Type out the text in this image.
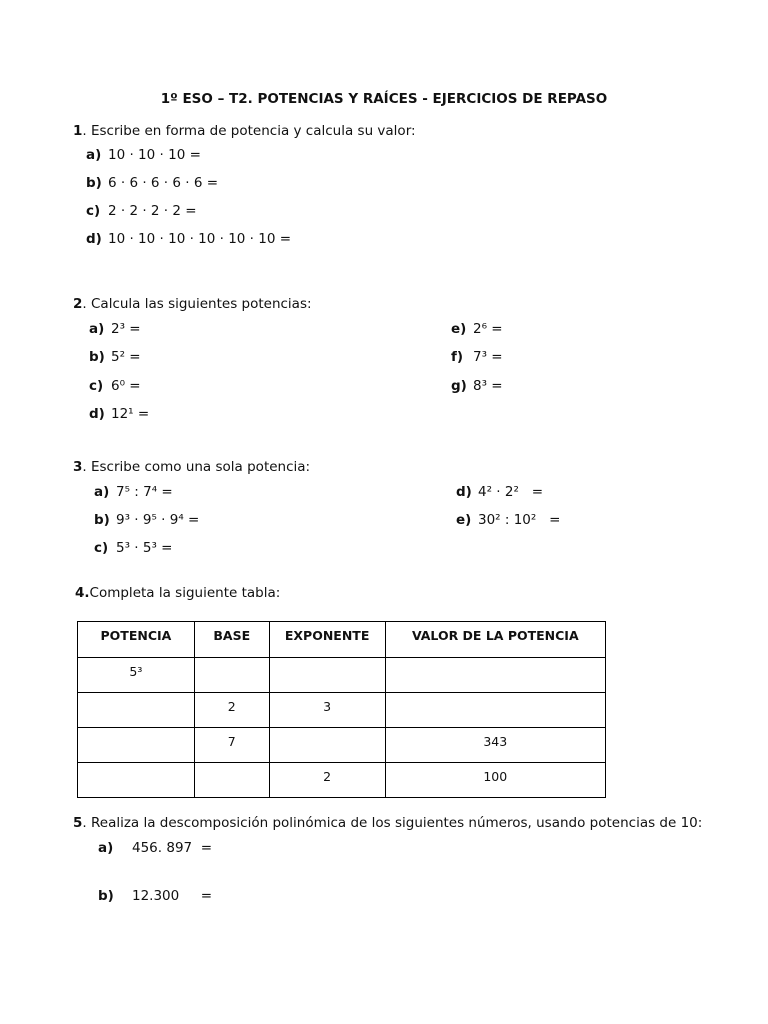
1º ESO – T2. POTENCIAS Y RAÍCES - EJERCICIOS DE REPASO
1. Escribe en forma de potencia y calcula su valor:
a) 10 · 10 · 10 =
b) 6 · 6 · 6 · 6 · 6 =
c) 2 · 2 · 2 · 2 =
d) 10 · 10 · 10 · 10 · 10 · 10 =
2. Calcula las siguientes potencias:
a) 2³ =
b) 5² =
c) 6⁰ =
d) 12¹ =
e) 2⁶ =
f) 7³ =
g) 8³ =
3. Escribe como una sola potencia:
a) 7⁵ : 7⁴ =
b) 9³ · 9⁵ · 9⁴ =
c) 5³ · 5³ =
d) 4² · 2²   =
e) 30² : 10²   =
4.Completa la siguiente tabla:
POTENCIA	BASE	EXPONENTE	VALOR DE LA POTENCIA
5³			
	2	3	
	7		343
		2	100
5. Realiza la descomposición polinómica de los siguientes números, usando potencias de 10:
a) 456. 897  =
b) 12.300     =
